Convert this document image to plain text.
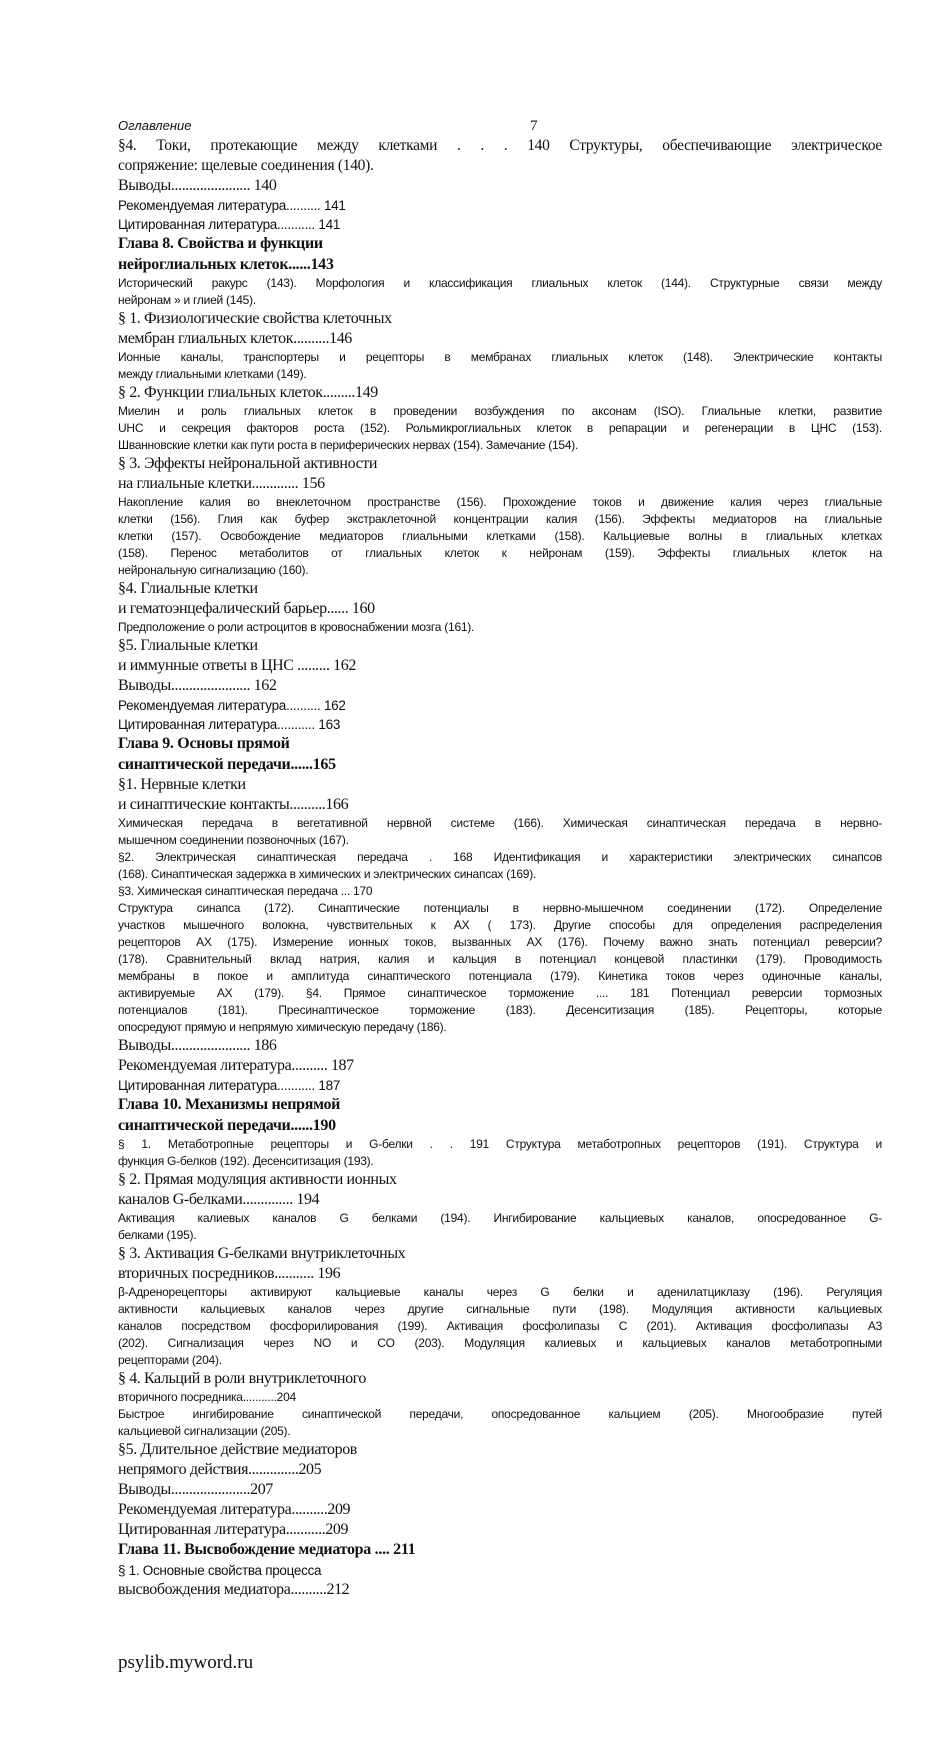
Оглавление	7
§4. Токи, протекающие между клетками . . . 140 Структуры, обеспечивающие электрическое
сопряжение: щелевые соединения (140).
Выводы...................... 140
Рекомендуемая литература.......... 141
Цитированная литература........... 141
Глава 8. Свойства и функции
нейроглиальных клеток......143
Исторический ракурс (143). Морфология и классификация глиальных клеток (144). Структурные связи между
нейронам » и глией (145).
§ 1. Физиологические свойства клеточных
мембран глиальных клеток..........146
Ионные каналы, транспортеры и рецепторы в мембранах глиальных клеток (148). Электрические контакты
между глиальными клетками (149).
§ 2. Функции глиальных клеток.........149
Миелин и роль глиальных клеток в проведении возбуждения по аксонам (ISO). Глиальные клетки, развитие
UHC и секреция факторов роста (152). Рольмикроглиальных клеток в репарации и регенерации в ЦНС (153).
Шванновские клетки как пути роста в периферических нервах (154). Замечание (154).
§ 3. Эффекты нейрональной активности
на глиальные клетки............. 156
Накопление калия во внеклеточном пространстве (156). Прохождение токов и движение калия через глиальные
клетки (156). Глия как буфер экстраклеточной концентрации калия (156). Эффекты медиаторов на глиальные
клетки (157). Освобождение медиаторов глиальными клетками (158). Кальциевые волны в глиальных клетках
(158). Перенос метаболитов от глиальных клеток к нейронам (159). Эффекты глиальных клеток на
нейрональную сигнализацию (160).
§4. Глиальные клетки
и гематоэнцефалический барьер...... 160
Предположение о роли астроцитов в кровоснабжении мозга (161).
§5. Глиальные клетки
и иммунные ответы в ЦНС ......... 162
Выводы...................... 162
Рекомендуемая литература.......... 162
Цитированная литература........... 163
Глава 9. Основы прямой
синаптической передачи......165
§1. Нервные клетки
и синаптические контакты..........166
Химическая передача в вегетативной нервной системе (166). Химическая синаптическая передача в нервно-
мышечном соединении позвоночных (167).
§2. Электрическая синаптическая передача . 168 Идентификация и характеристики электрических синапсов
(168). Синаптическая задержка в химических и электрических синапсах (169).
§3. Химическая синаптическая передача ... 170
Структура синапса (172). Синаптические потенциалы в нервно-мышечном соединении (172). Определение
участков мышечного волокна, чувствительных к АХ ( 173). Другие способы для определения распределения
рецепторов АХ (175). Измерение ионных токов, вызванных АХ (176). Почему важно знать потенциал реверсии?
(178). Сравнительный вклад натрия, калия и кальция в потенциал концевой пластинки (179). Проводимость
мембраны в покое и амплитуда синаптического потенциала (179). Кинетика токов через одиночные каналы,
активируемые АХ (179). §4. Прямое синаптическое торможение .... 181 Потенциал реверсии тормозных
потенциалов (181). Пресинаптическое торможение (183). Десенситизация (185). Рецепторы, которые
опосредуют прямую и непрямую химическую передачу (186).
Выводы...................... 186
Рекомендуемая литература.......... 187
Цитированная литература........... 187
Глава 10. Механизмы непрямой
синаптической передачи......190
§ 1. Метаботропные рецепторы и G-белки . . 191 Структура метаботропных рецепторов (191). Структура и
функция G-белков (192). Десенситизация (193).
§ 2. Прямая модуляция активности ионных
каналов G-белками.............. 194
Активация калиевых каналов G белками (194). Ингибирование кальциевых каналов, опосредованное G-
белками (195).
§ 3. Активация G-белками внутриклеточных
вторичных посредников........... 196
β-Адренорецепторы активируют кальциевые каналы через G белки и аденилатциклазу (196). Регуляция
активности кальциевых каналов через другие сигнальные пути (198). Модуляция активности кальциевых
каналов посредством фосфорилирования (199). Активация фосфолипазы С (201). Активация фосфолипазы A3
(202). Сигнализация через NO и CO (203). Модуляция калиевых и кальциевых каналов метаботропными
рецепторами (204).
§ 4. Кальций в роли внутриклеточного
вторичного посредника...........204
Быстрое ингибирование синаптической передачи, опосредованное кальцием (205). Многообразие путей
кальциевой сигнализации (205).
§5. Длительное действие медиаторов
непрямого действия..............205
Выводы......................207
Рекомендуемая литература..........209
Цитированная литература...........209
Глава 11. Высвобождение медиатора .... 211
§ 1. Основные свойства процесса
высвобождения медиатора..........212
psylib.myword.ru
